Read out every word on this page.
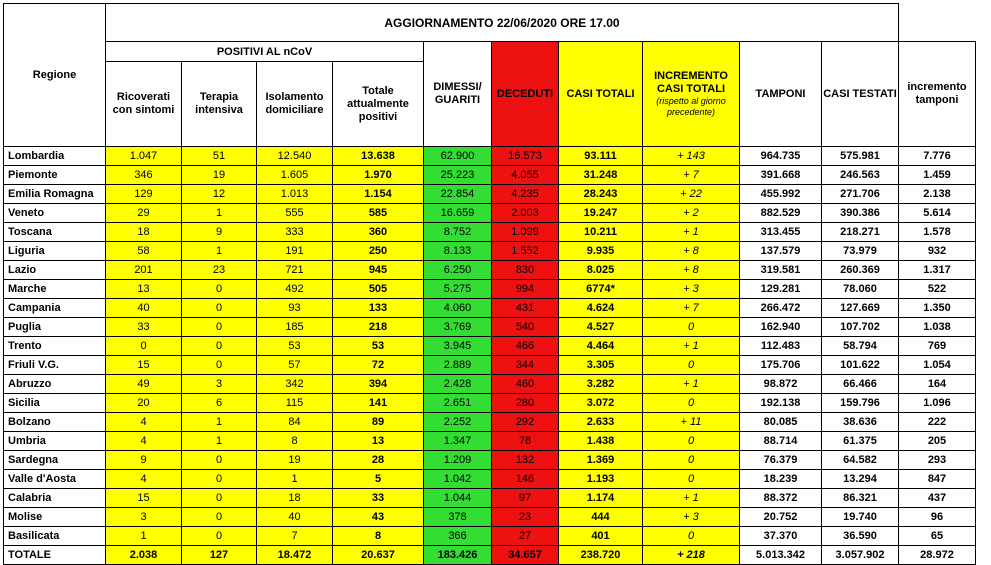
Regione	AGGIORNAMENTO 22/06/2020 ORE 17.00										
	POSITIVI AL nCoV				DIMESSI/ GUARITI	DECEDUTI	CASI TOTALI	INCREMENTO CASI TOTALI
(rispetto al giorno precedente)	TAMPONI	CASI TESTATI	incremento tamponi
	Ricoverati con sintomi	Terapia intensiva	Isolamento domiciliare	Totale attualmente positivi							
Lombardia	1.047	51	12.540	13.638	62.900	16.573	93.111	+ 143	964.735	575.981	7.776
Piemonte	346	19	1.605	1.970	25.223	4.055	31.248	+ 7	391.668	246.563	1.459
Emilia Romagna	129	12	1.013	1.154	22.854	4.235	28.243	+ 22	455.992	271.706	2.138
Veneto	29	1	555	585	16.659	2.003	19.247	+ 2	882.529	390.386	5.614
Toscana	18	9	333	360	8.752	1.099	10.211	+ 1	313.455	218.271	1.578
Liguria	58	1	191	250	8.133	1.552	9.935	+ 8	137.579	73.979	932
Lazio	201	23	721	945	6.250	830	8.025	+ 8	319.581	260.369	1.317
Marche	13	0	492	505	5.275	994	6774*	+ 3	129.281	78.060	522
Campania	40	0	93	133	4.060	431	4.624	+ 7	266.472	127.669	1.350
Puglia	33	0	185	218	3.769	540	4.527	0	162.940	107.702	1.038
Trento	0	0	53	53	3.945	466	4.464	+ 1	112.483	58.794	769
Friuli V.G.	15	0	57	72	2.889	344	3.305	0	175.706	101.622	1.054
Abruzzo	49	3	342	394	2.428	460	3.282	+ 1	98.872	66.466	164
Sicilia	20	6	115	141	2.651	280	3.072	0	192.138	159.796	1.096
Bolzano	4	1	84	89	2.252	292	2.633	+ 11	80.085	38.636	222
Umbria	4	1	8	13	1.347	78	1.438	0	88.714	61.375	205
Sardegna	9	0	19	28	1.209	132	1.369	0	76.379	64.582	293
Valle d'Aosta	4	0	1	5	1.042	146	1.193	0	18.239	13.294	847
Calabria	15	0	18	33	1.044	97	1.174	+ 1	88.372	86.321	437
Molise	3	0	40	43	378	23	444	+ 3	20.752	19.740	96
Basilicata	1	0	7	8	366	27	401	0	37.370	36.590	65
TOTALE	2.038	127	18.472	20.637	183.426	34.657	238.720	+ 218	5.013.342	3.057.902	28.972
